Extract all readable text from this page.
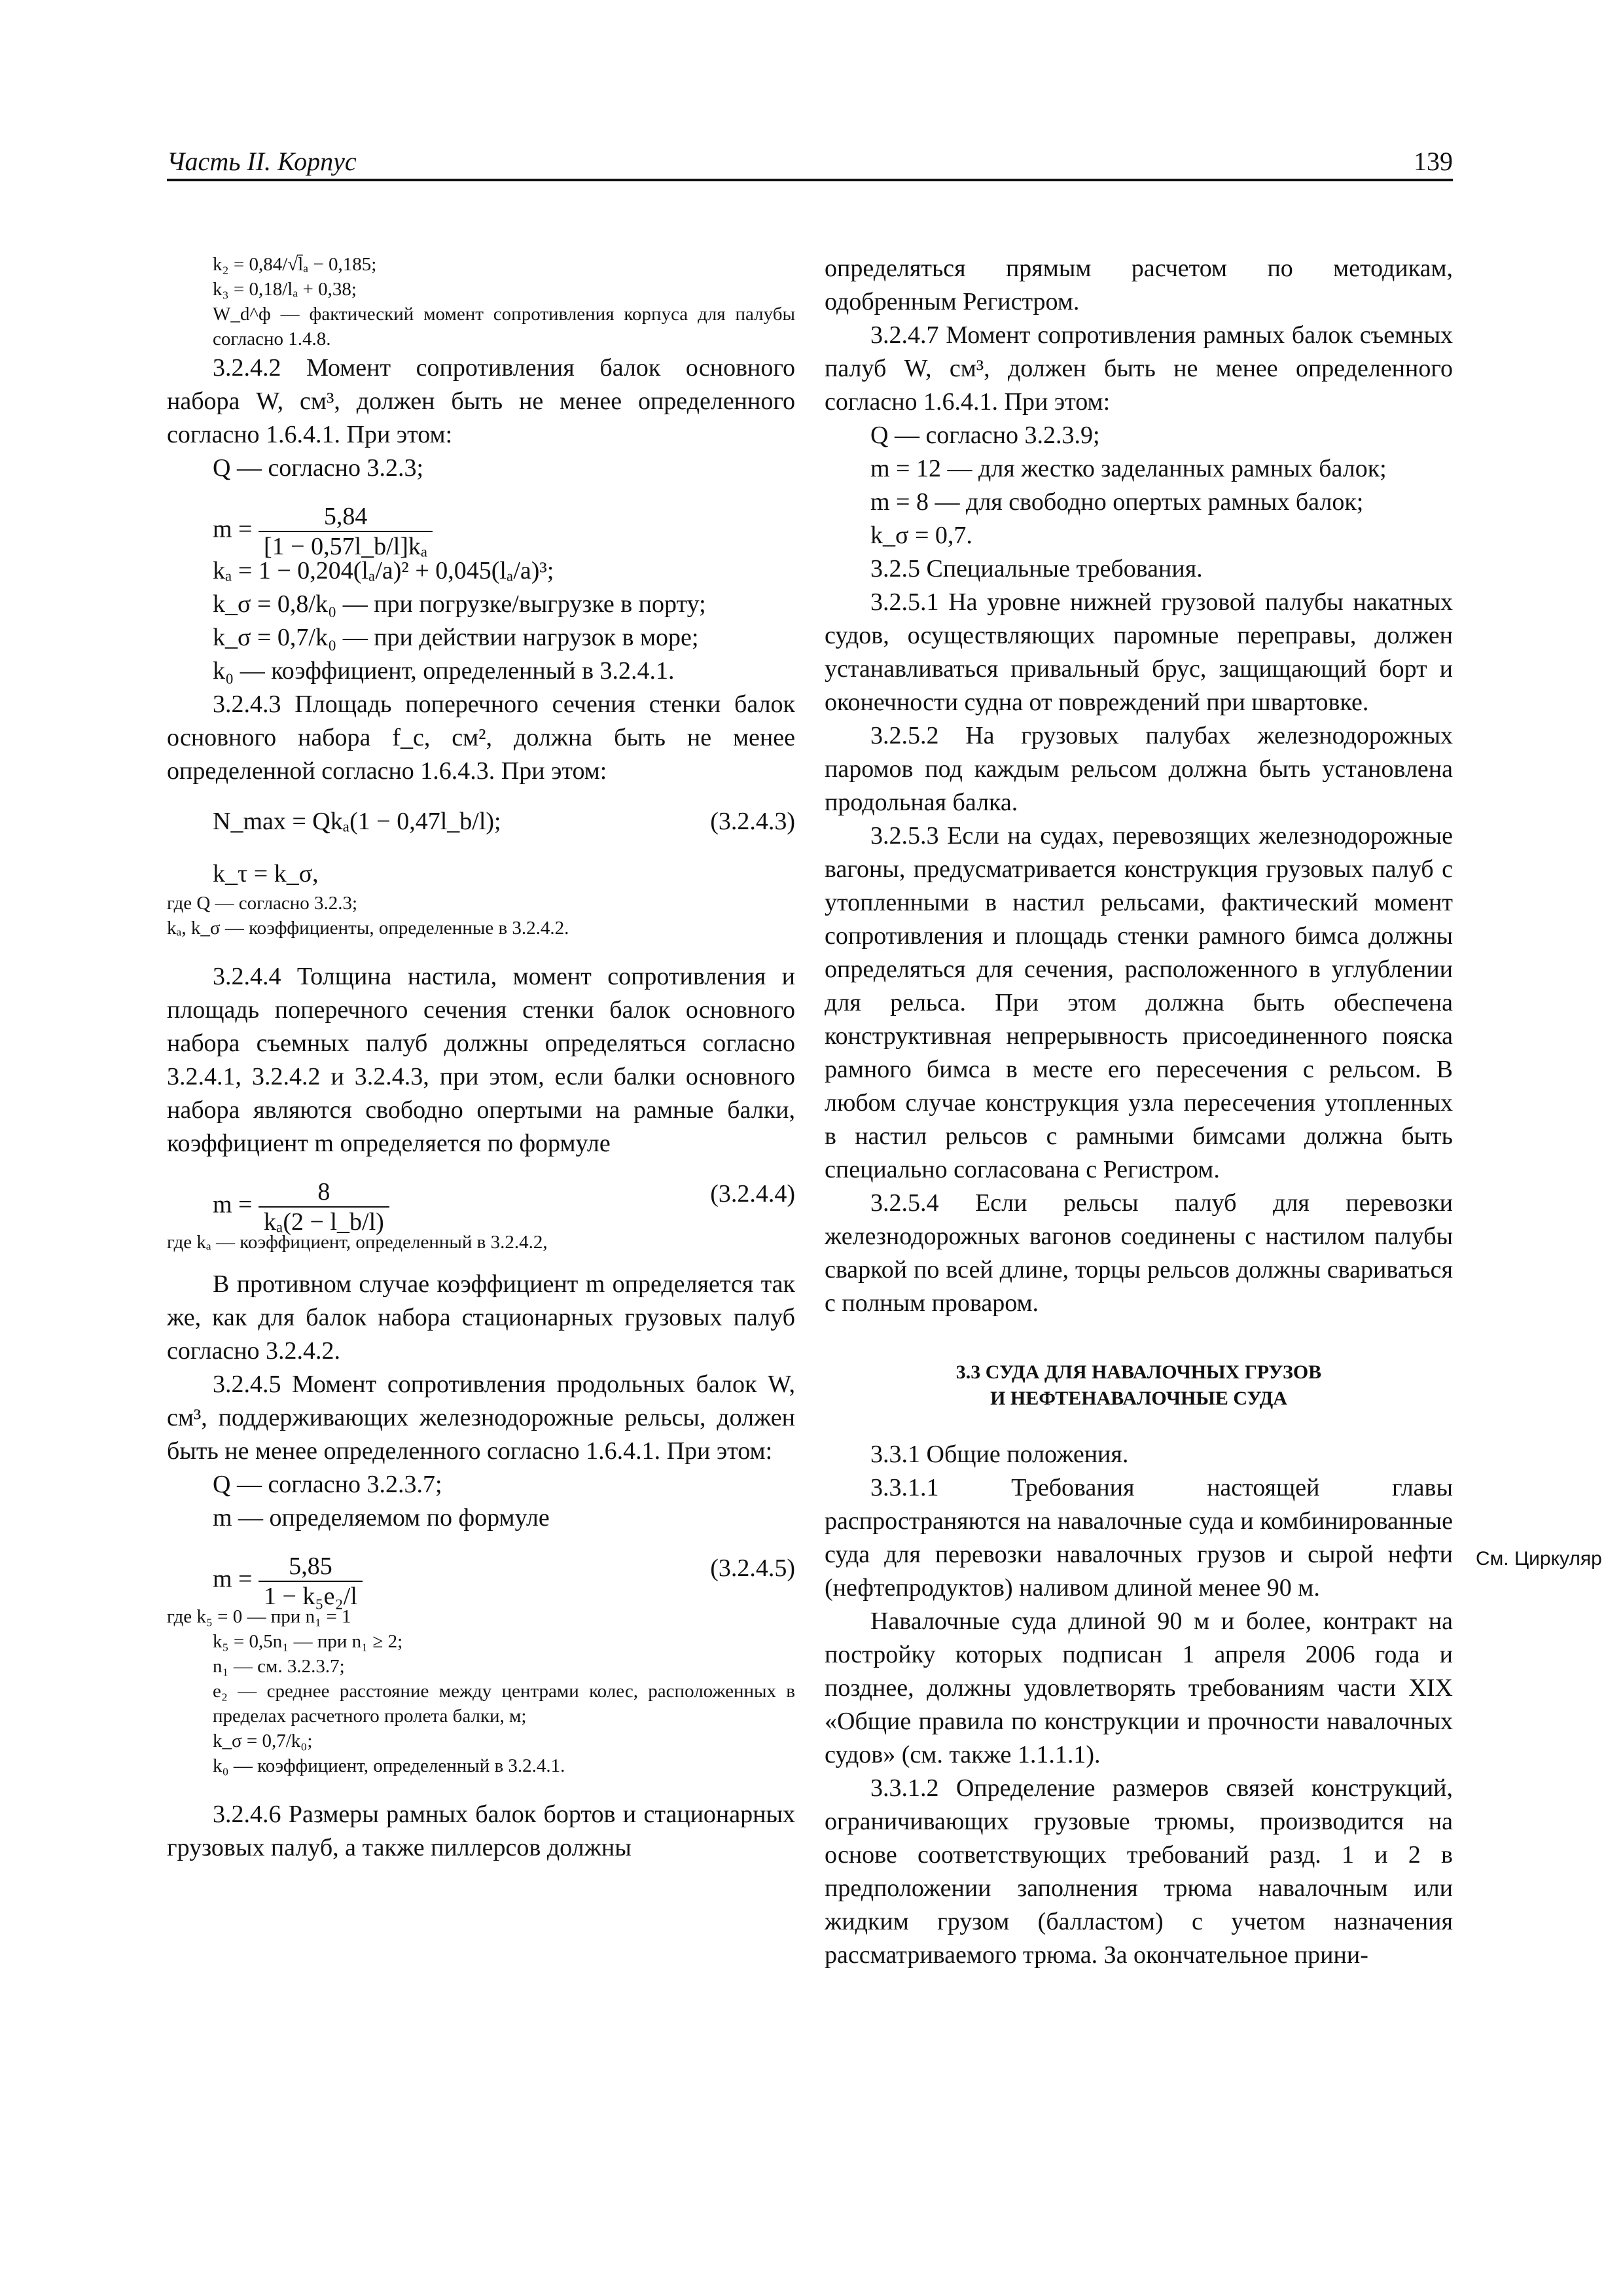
Часть II. Корпус	139
См. Циркуляр

k₂ = 0,84/√l̄ₐ − 0,185;

k₃ = 0,18/lₐ + 0,38;

W_d^ф — фактический момент сопротивления корпуса для палубы согласно 1.4.8.

3.2.4.2 Момент сопротивления балок основного набора W, см³, должен быть не менее определенного согласно 1.6.4.1. При этом:

Q — согласно 3.2.3;

$m = \frac{5,84}{\text{[1 − 0,57l\_b/l]kₐ}}$

kₐ = 1 − 0,204(lₐ/a)² + 0,045(lₐ/a)³;

k_σ = 0,8/k₀ — при погрузке/выгрузке в порту;

k_σ = 0,7/k₀ — при действии нагрузок в море;

k₀ — коэффициент, определенный в 3.2.4.1.

3.2.4.3 Площадь поперечного сечения стенки балок основного набора f_c, см², должна быть не менее определенной согласно 1.6.4.3. При этом:

N_max = Qkₐ(1 − 0,47l_b/l);	(3.2.4.3)

k_τ = k_σ,

где Q — согласно 3.2.3;

kₐ, k_σ — коэффициенты, определенные в 3.2.4.2.

3.2.4.4 Толщина настила, момент сопротивления и площадь поперечного сечения стенки балок основного набора съемных палуб должны определяться согласно 3.2.4.1, 3.2.4.2 и 3.2.4.3, при этом, если балки основного набора являются свободно опертыми на рамные балки, коэффициент m определяется по формуле

$m = \frac{8}{\text{kₐ(2 − l\_b/l)}}$	(3.2.4.4)

где kₐ — коэффициент, определенный в 3.2.4.2,

В противном случае коэффициент m определяется так же, как для балок набора стационарных грузовых палуб согласно 3.2.4.2.

3.2.4.5 Момент сопротивления продольных балок W, см³, поддерживающих железнодорожные рельсы, должен быть не менее определенного согласно 1.6.4.1. При этом:

Q — согласно 3.2.3.7;

m — определяемом по формуле

$m = \frac{5,85}{\text{1 − k₅e₂/l}}$	(3.2.4.5)

где k₅ = 0 — при n₁ = 1

k₅ = 0,5n₁ — при n₁ ≥ 2;

n₁ — см. 3.2.3.7;

e₂ — среднее расстояние между центрами колес, расположенных в пределах расчетного пролета балки, м;

k_σ = 0,7/k₀;

k₀ — коэффициент, определенный в 3.2.4.1.

3.2.4.6 Размеры рамных балок бортов и стационарных грузовых палуб, а также пиллерсов должны

определяться прямым расчетом по методикам, одобренным Регистром.

3.2.4.7 Момент сопротивления рамных балок съемных палуб W, см³, должен быть не менее определенного согласно 1.6.4.1. При этом:

Q — согласно 3.2.3.9;

m = 12 — для жестко заделанных рамных балок;

m = 8 — для свободно опертых рамных балок;

k_σ = 0,7.

3.2.5 Специальные требования.

3.2.5.1 На уровне нижней грузовой палубы накатных судов, осуществляющих паромные переправы, должен устанавливаться привальный брус, защищающий борт и оконечности судна от повреждений при швартовке.

3.2.5.2 На грузовых палубах железнодорожных паромов под каждым рельсом должна быть установлена продольная балка.

3.2.5.3 Если на судах, перевозящих железнодорожные вагоны, предусматривается конструкция грузовых палуб с утопленными в настил рельсами, фактический момент сопротивления и площадь стенки рамного бимса должны определяться для сечения, расположенного в углублении для рельса. При этом должна быть обеспечена конструктивная непрерывность присоединенного пояска рамного бимса в месте его пересечения с рельсом. В любом случае конструкция узла пересечения утопленных в настил рельсов с рамными бимсами должна быть специально согласована с Регистром.

3.2.5.4 Если рельсы палуб для перевозки железнодорожных вагонов соединены с настилом палубы сваркой по всей длине, торцы рельсов должны свариваться с полным проваром.

3.3 СУДА ДЛЯ НАВАЛОЧНЫХ ГРУЗОВ
И НЕФТЕНАВАЛОЧНЫЕ СУДА

3.3.1 Общие положения.

3.3.1.1 Требования настоящей главы распространяются на навалочные суда и комбинированные суда для перевозки навалочных грузов и сырой нефти (нефтепродуктов) наливом длиной менее 90 м.

Навалочные суда длиной 90 м и более, контракт на постройку которых подписан 1 апреля 2006 года и позднее, должны удовлетворять требованиям части XIX «Общие правила по конструкции и прочности навалочных судов» (см. также 1.1.1.1).

3.3.1.2 Определение размеров связей конструкций, ограничивающих грузовые трюмы, производится на основе соответствующих требований разд. 1 и 2 в предположении заполнения трюма навалочным или жидким грузом (балластом) с учетом назначения рассматриваемого трюма. За окончательное прини-
